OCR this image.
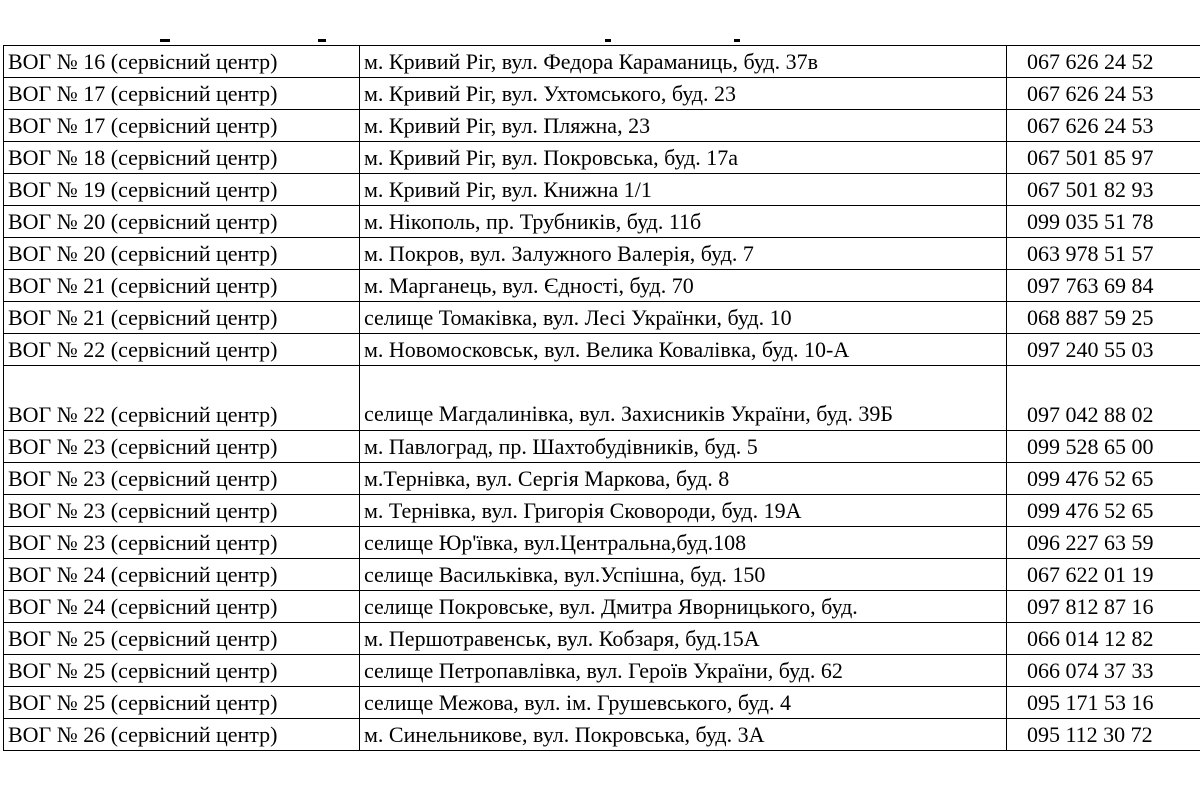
ВОГ № 16 (сервісний центр)	м. Кривий Ріг, вул. Федора Караманиць, буд. 37в	067 626 24 52
ВОГ № 17 (сервісний центр)	м. Кривий Ріг, вул. Ухтомського, буд. 23	067 626 24 53
ВОГ № 17 (сервісний центр)	м. Кривий Ріг, вул. Пляжна, 23	067 626 24 53
ВОГ № 18 (сервісний центр)	м. Кривий Ріг, вул. Покровська, буд. 17а	067 501 85 97
ВОГ № 19 (сервісний центр)	м. Кривий Ріг, вул. Книжна 1/1	067 501 82 93
ВОГ № 20 (сервісний центр)	м. Нікополь, пр. Трубників, буд. 11б	099 035 51 78
ВОГ № 20 (сервісний центр)	м. Покров, вул. Залужного Валерія, буд. 7	063 978 51 57
ВОГ № 21 (сервісний центр)	м. Марганець, вул. Єдності, буд. 70	097 763 69 84
ВОГ № 21 (сервісний центр)	селище Томаківка, вул. Лесі Українки, буд. 10	068 887 59 25
ВОГ № 22 (сервісний центр)	м. Новомосковськ, вул. Велика Ковалівка, буд. 10-А	097 240 55 03
ВОГ № 22 (сервісний центр)	селище Магдалинівка, вул. Захисників України, буд. 39Б	097 042 88 02
ВОГ № 23 (сервісний центр)	м. Павлоград, пр. Шахтобудівників, буд. 5	099 528 65 00
ВОГ № 23 (сервісний центр)	м.Тернівка, вул. Сергія Маркова, буд. 8	099 476 52 65
ВОГ № 23 (сервісний центр)	м. Тернівка, вул. Григорія Сковороди, буд. 19А	099 476 52 65
ВОГ № 23 (сервісний центр)	селище Юр'ївка, вул.Центральна,буд.108	096 227 63 59
ВОГ № 24 (сервісний центр)	селище Васильківка, вул.Успішна, буд. 150	067 622 01 19
ВОГ № 24 (сервісний центр)	селище Покровське, вул. Дмитра Яворницького, буд.	097 812 87 16
ВОГ № 25 (сервісний центр)	м. Першотравенськ, вул. Кобзаря, буд.15А	066 014 12 82
ВОГ № 25 (сервісний центр)	селище Петропавлівка, вул. Героїв України, буд. 62	066 074 37 33
ВОГ № 25 (сервісний центр)	селище Межова, вул. ім. Грушевського, буд. 4	095 171 53 16
ВОГ № 26 (сервісний центр)	м. Синельникове, вул. Покровська, буд. 3А	095 112 30 72
